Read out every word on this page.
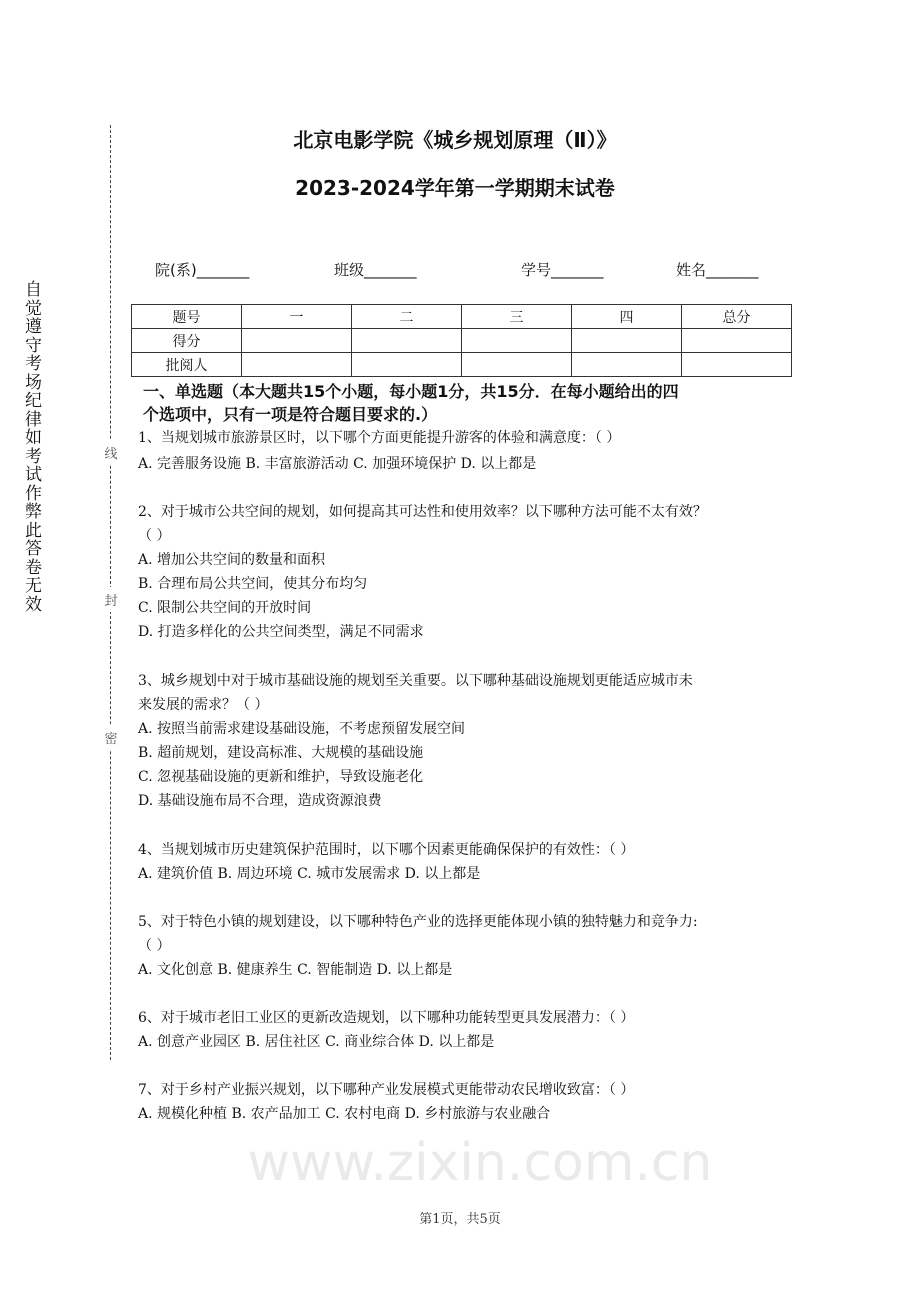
www.zixin.com.cn
自觉遵守考场纪律如考试作弊此答卷无效
线
封
密
北京电影学院《城乡规划原理（Ⅱ）》
2023-2024学年第一学期期末试卷
院(系)_______	班级_______	学号_______	姓名_______
题号	一	二	三	四	总分
得分					
批阅人					
一、单选题（本大题共15个小题，每小题1分，共15分．在每小题给出的四
个选项中，只有一项是符合题目要求的.）
1、当规划城市旅游景区时，以下哪个方面更能提升游客的体验和满意度：（ ）
A. 完善服务设施 B. 丰富旅游活动 C. 加强环境保护 D. 以上都是
2、对于城市公共空间的规划，如何提高其可达性和使用效率？以下哪种方法可能不太有效？
（ ）
A. 增加公共空间的数量和面积
B. 合理布局公共空间，使其分布均匀
C. 限制公共空间的开放时间
D. 打造多样化的公共空间类型，满足不同需求
3、城乡规划中对于城市基础设施的规划至关重要。以下哪种基础设施规划更能适应城市未
来发展的需求？（ ）
A. 按照当前需求建设基础设施，不考虑预留发展空间
B. 超前规划，建设高标准、大规模的基础设施
C. 忽视基础设施的更新和维护，导致设施老化
D. 基础设施布局不合理，造成资源浪费
4、当规划城市历史建筑保护范围时，以下哪个因素更能确保保护的有效性：（ ）
A. 建筑价值 B. 周边环境 C. 城市发展需求 D. 以上都是
5、对于特色小镇的规划建设，以下哪种特色产业的选择更能体现小镇的独特魅力和竞争力:
（ ）
A. 文化创意 B. 健康养生 C. 智能制造 D. 以上都是
6、对于城市老旧工业区的更新改造规划，以下哪种功能转型更具发展潜力：（ ）
A. 创意产业园区 B. 居住社区 C. 商业综合体 D. 以上都是
7、对于乡村产业振兴规划，以下哪种产业发展模式更能带动农民增收致富：（ ）
A. 规模化种植 B. 农产品加工 C. 农村电商 D. 乡村旅游与农业融合
第1页，共5页
